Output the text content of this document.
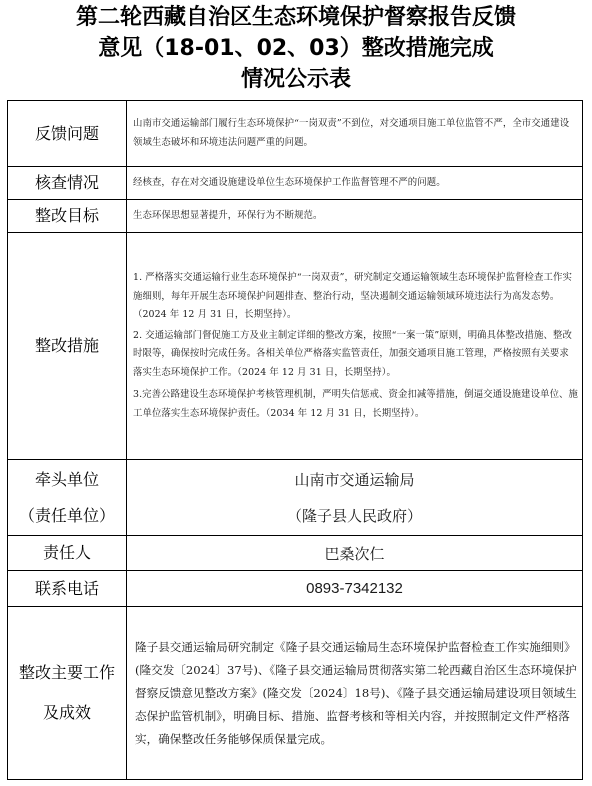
第二轮西藏自治区生态环境保护督察报告反馈
意见（18-01、02、03）整改措施完成
情况公示表
反馈问题	山南市交通运输部门履行生态环境保护“一岗双责”不到位，对交通项目施工单位监管不严，全市交通建设领域生态破坏和环境违法问题严重的问题。
核查情况	经核查，存在对交通设施建设单位生态环境保护工作监督管理不严的问题。
整改目标	生态环保思想显著提升，环保行为不断规范。
整改措施	1. 严格落实交通运输行业生态环境保护“一岗双责”，研究制定交通运输领域生态环境保护监督检查工作实施细则，每年开展生态环境保护问题排查、整治行动，坚决遏制交通运输领域环境违法行为高发态势。（2024 年 12 月 31 日，长期坚持）。

2. 交通运输部门督促施工方及业主制定详细的整改方案，按照“一案一策”原则，明确具体整改措施、整改时限等，确保按时完成任务。各相关单位严格落实监管责任，加强交通项目施工管理，严格按照有关要求落实生态环境保护工作。（2024 年 12 月 31 日，长期坚持）。

3.完善公路建设生态环境保护考核管理机制，严明失信惩戒、资金扣减等措施，倒逼交通设施建设单位、施工单位落实生态环境保护责任。（2034 年 12 月 31 日，长期坚持）。

牵头单位
（责任单位）	山南市交通运输局
（隆子县人民政府）

责任人	巴桑次仁
联系电话	0893-7342132

整改主要工作
及成效	隆子县交通运输局研究制定《隆子县交通运输局生态环境保护监督检查工作实施细则》(隆交发〔2024〕37号)、《隆子县交通运输局贯彻落实第二轮西藏自治区生态环境保护督察反馈意见整改方案》(隆交发〔2024〕18号)、《隆子县交通运输局建设项目领域生态保护监管机制》，明确目标、措施、监督考核和等相关内容，并按照制定文件严格落实，确保整改任务能够保质保量完成。
